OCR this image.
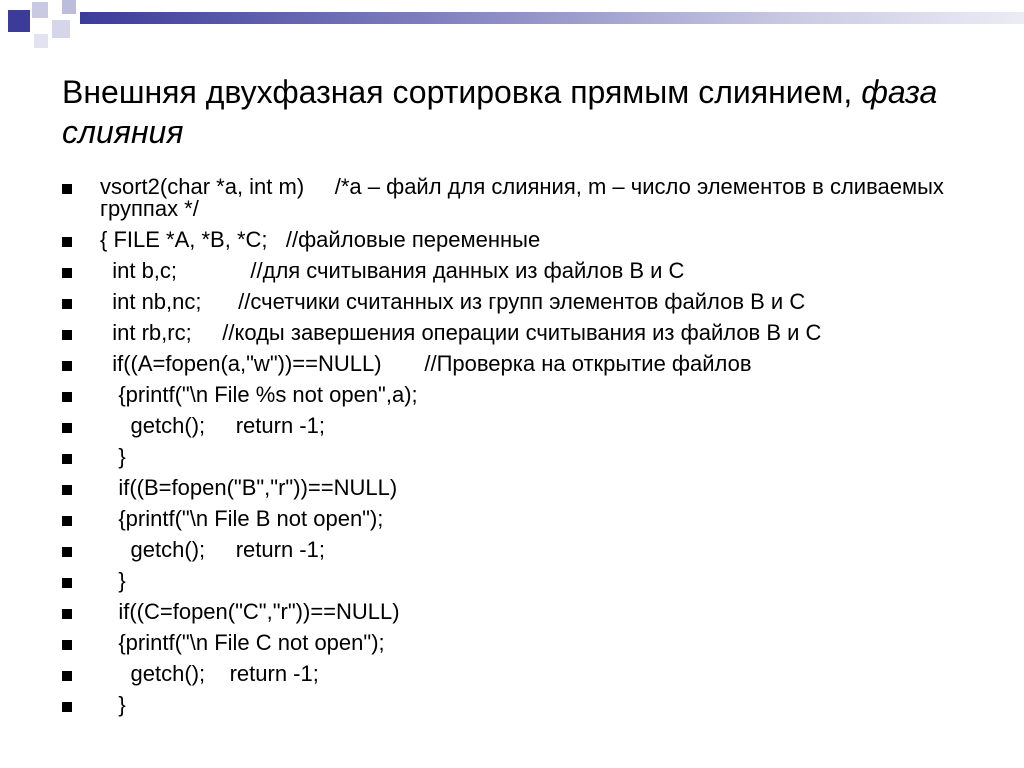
Внешняя двухфазная сортировка прямым слиянием, фаза слияния
vsort2(char *a, int m)     /*a – файл для слияния, m – число элементов в сливаемых группах */
{ FILE *A, *B, *C;   //файловые переменные
int b,c;            //для считывания данных из файлов B и C
int nb,nc;      //счетчики считанных из групп элементов файлов B и C
int rb,rc;     //коды завершения операции считывания из файлов B и C
if((A=fopen(a,"w"))==NULL)       //Проверка на открытие файлов
{printf("\n File %s not open",a);
getch();     return -1;
}
if((B=fopen("B","r"))==NULL)
{printf("\n File B not open");
getch();     return -1;
}
if((C=fopen("C","r"))==NULL)
{printf("\n File C not open");
getch();    return -1;
}
